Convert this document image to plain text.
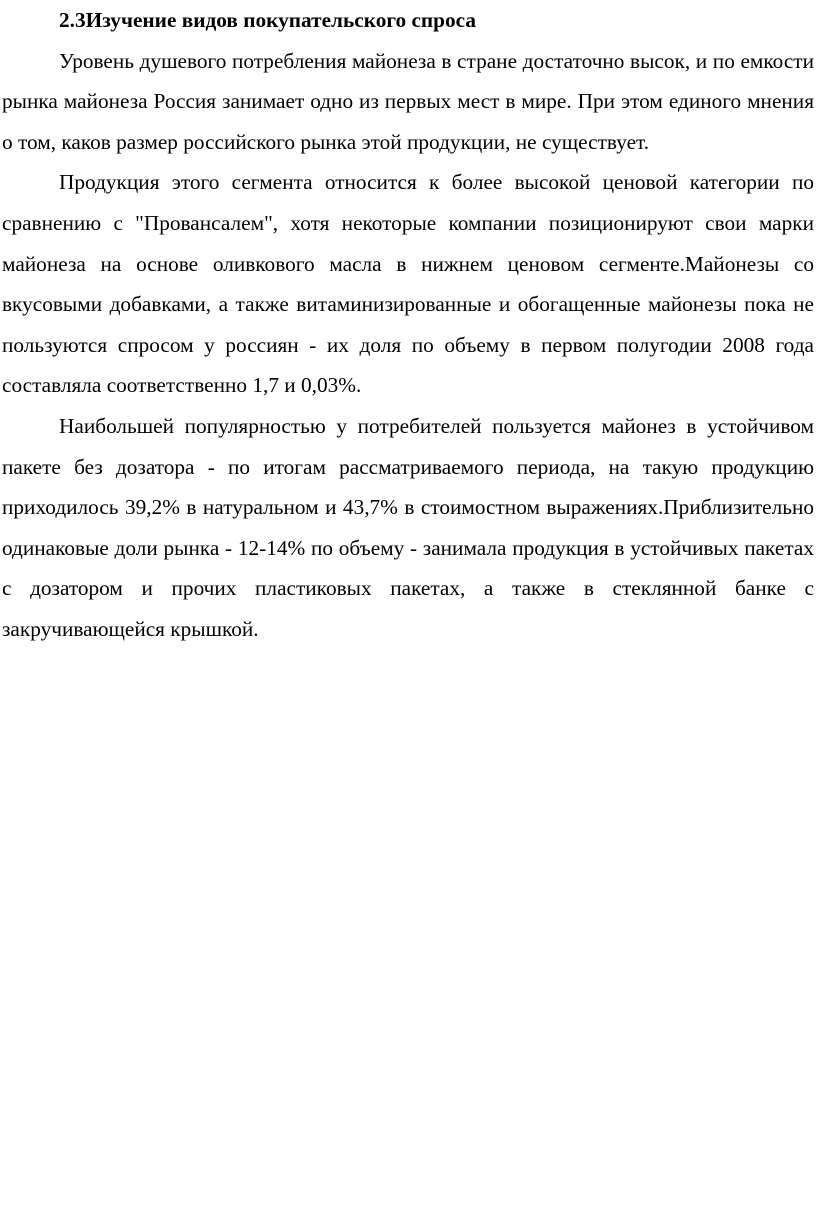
2.3Изучение видов покупательского спроса

Уровень душевого потребления майонеза в стране достаточно высок, и по емкости рынка майонеза Россия занимает одно из первых мест в мире. При этом единого мнения о том, каков размер российского рынка этой продукции, не существует.

Продукция этого сегмента относится к более высокой ценовой категории по сравнению с "Провансалем", хотя некоторые компании позиционируют свои марки майонеза на основе оливкового масла в нижнем ценовом сегменте.Майонезы со вкусовыми добавками, а также витаминизированные и обогащенные майонезы пока не пользуются спросом у россиян - их доля по объему в первом полугодии 2008 года составляла соответственно 1,7 и 0,03%.

Наибольшей популярностью у потребителей пользуется майонез в устойчивом пакете без дозатора - по итогам рассматриваемого периода, на такую продукцию приходилось 39,2% в натуральном и 43,7% в стоимостном выражениях.Приблизительно одинаковые доли рынка - 12-14% по объему - занимала продукция в устойчивых пакетах с дозатором и прочих пластиковых пакетах, а также в стеклянной банке с закручивающейся крышкой.
